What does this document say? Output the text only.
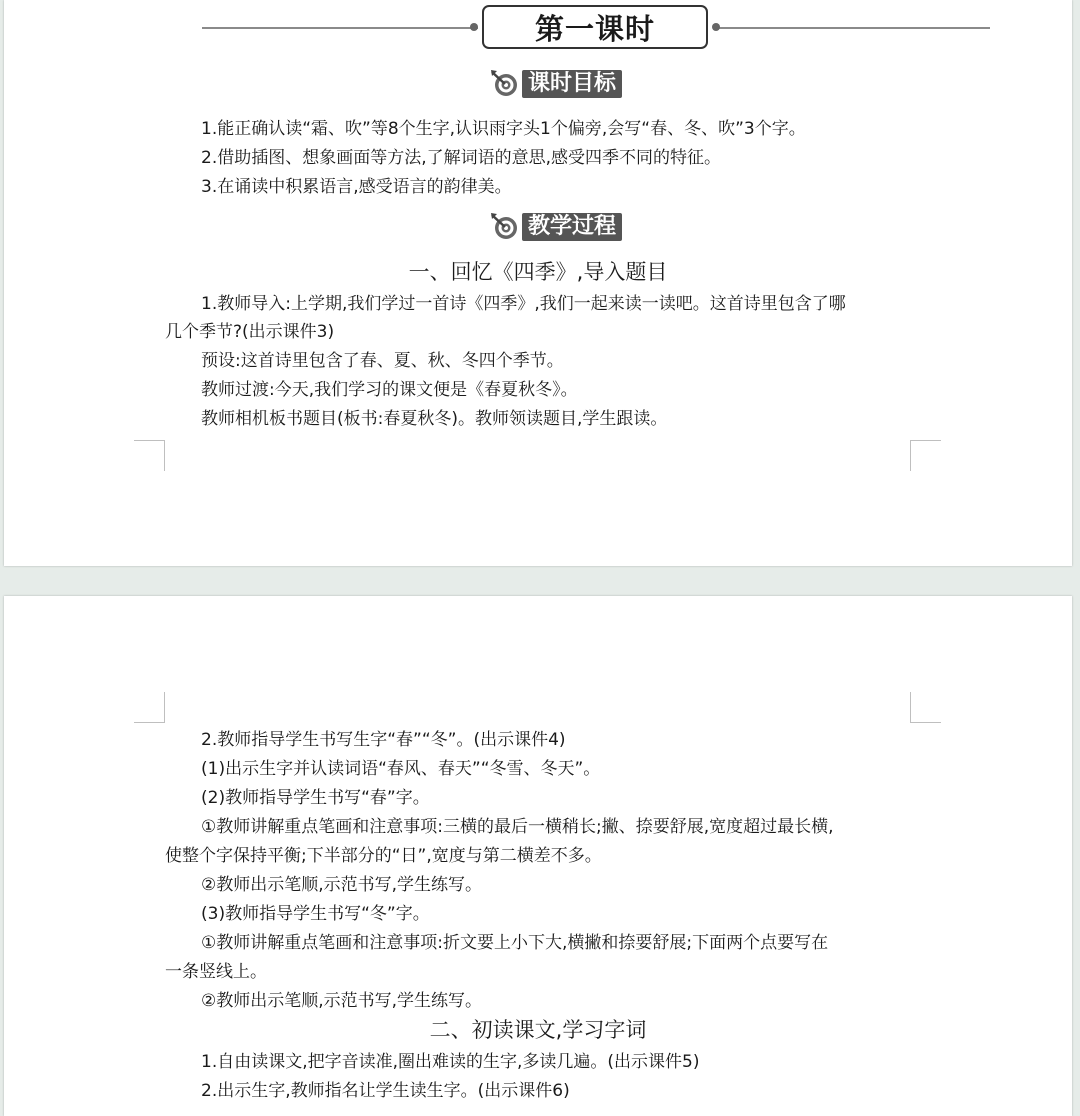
第一课时
课时目标
1.能正确认读“霜、吹”等8个生字,认识雨字头1个偏旁,会写“春、冬、吹”3个字。
2.借助插图、想象画面等方法,了解词语的意思,感受四季不同的特征。
3.在诵读中积累语言,感受语言的韵律美。
教学过程
一、回忆《四季》,导入题目
1.教师导入:上学期,我们学过一首诗《四季》,我们一起来读一读吧。这首诗里包含了哪
几个季节?(出示课件3)
预设:这首诗里包含了春、夏、秋、冬四个季节。
教师过渡:今天,我们学习的课文便是《春夏秋冬》。
教师相机板书题目(板书:春夏秋冬)。教师领读题目,学生跟读。
2.教师指导学生书写生字“春”“冬”。(出示课件4)
(1)出示生字并认读词语“春风、春天”“冬雪、冬天”。
(2)教师指导学生书写“春”字。
①教师讲解重点笔画和注意事项:三横的最后一横稍长;撇、捺要舒展,宽度超过最长横,
使整个字保持平衡;下半部分的“日”,宽度与第二横差不多。
②教师出示笔顺,示范书写,学生练写。
(3)教师指导学生书写“冬”字。
①教师讲解重点笔画和注意事项:折文要上小下大,横撇和捺要舒展;下面两个点要写在
一条竖线上。
②教师出示笔顺,示范书写,学生练写。
二、初读课文,学习字词
1.自由读课文,把字音读准,圈出难读的生字,多读几遍。(出示课件5)
2.出示生字,教师指名让学生读生字。(出示课件6)
